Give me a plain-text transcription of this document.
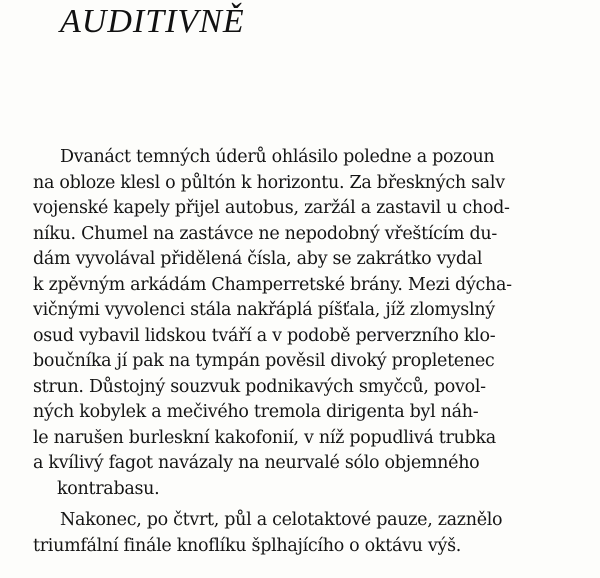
AUDITIVNĚ
Dvanáct temných úderů ohlásilo poledne a pozoun
na obloze klesl o půltón k horizontu. Za břeskných salv
vojenské kapely přijel autobus, zaržál a zastavil u chod-
níku. Chumel na zastávce ne nepodobný vřeštícím du-
dám vyvolával přidělená čísla, aby se zakrátko vydal
k zpěvným arkádám Champerretské brány. Mezi dýcha-
vičnými vyvolenci stála nakřáplá píšťala, jíž zlomyslný
osud vybavil lidskou tváří a v podobě perverzního klo-
boučníka jí pak na tympán pověsil divoký propletenec
strun. Důstojný souzvuk podnikavých smyčců, povol-
ných kobylek a mečivého tremola dirigenta byl náh-
le narušen burleskní kakofonií, v níž popudlivá trubka
a kvílivý fagot navázaly na neurvalé sólo objemného
kontrabasu.
Nakonec, po čtvrt, půl a celotaktové pauze, zaznělo
triumfální finále knoflíku šplhajícího o oktávu výš.
